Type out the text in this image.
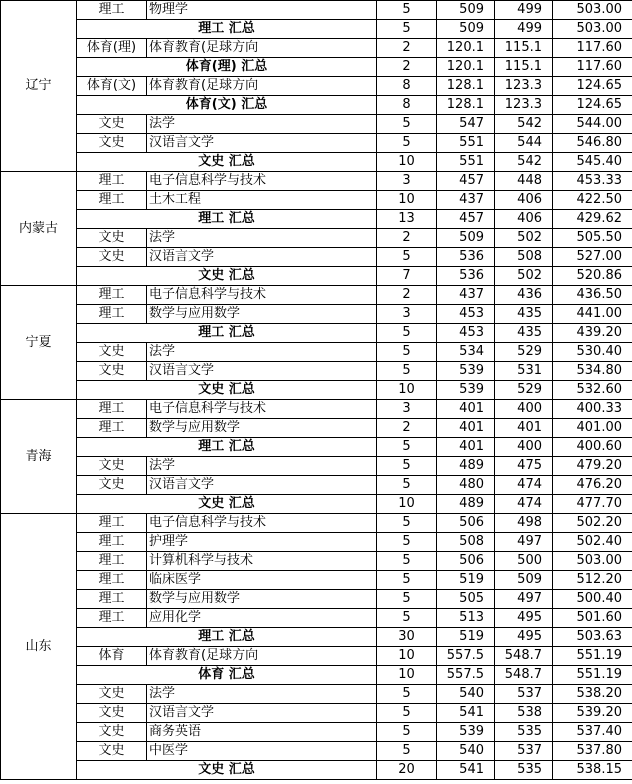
辽宁	理工	物理学	5	509	499	503.00
	理工 汇总		5	509	499	503.00
	体育(理)	体育教育(足球方向	2	120.1	115.1	117.60
	体育(理) 汇总		2	120.1	115.1	117.60
	体育(文)	体育教育(足球方向	8	128.1	123.3	124.65
	体育(文) 汇总		8	128.1	123.3	124.65
	文史	法学	5	547	542	544.00
	文史	汉语言文学	5	551	544	546.80
	文史 汇总		10	551	542	545.40
内蒙古	理工	电子信息科学与技术	3	457	448	453.33
	理工	土木工程	10	437	406	422.50
	理工 汇总		13	457	406	429.62
	文史	法学	2	509	502	505.50
	文史	汉语言文学	5	536	508	527.00
	文史 汇总		7	536	502	520.86
宁夏	理工	电子信息科学与技术	2	437	436	436.50
	理工	数学与应用数学	3	453	435	441.00
	理工 汇总		5	453	435	439.20
	文史	法学	5	534	529	530.40
	文史	汉语言文学	5	539	531	534.80
	文史 汇总		10	539	529	532.60
青海	理工	电子信息科学与技术	3	401	400	400.33
	理工	数学与应用数学	2	401	401	401.00
	理工 汇总		5	401	400	400.60
	文史	法学	5	489	475	479.20
	文史	汉语言文学	5	480	474	476.20
	文史 汇总		10	489	474	477.70
山东	理工	电子信息科学与技术	5	506	498	502.20
	理工	护理学	5	508	497	502.40
	理工	计算机科学与技术	5	506	500	503.00
	理工	临床医学	5	519	509	512.20
	理工	数学与应用数学	5	505	497	500.40
	理工	应用化学	5	513	495	501.60
	理工 汇总		30	519	495	503.63
	体育	体育教育(足球方向	10	557.5	548.7	551.19
	体育 汇总		10	557.5	548.7	551.19
	文史	法学	5	540	537	538.20
	文史	汉语言文学	5	541	538	539.20
	文史	商务英语	5	539	535	537.40
	文史	中医学	5	540	537	537.80
	文史 汇总		20	541	535	538.15
